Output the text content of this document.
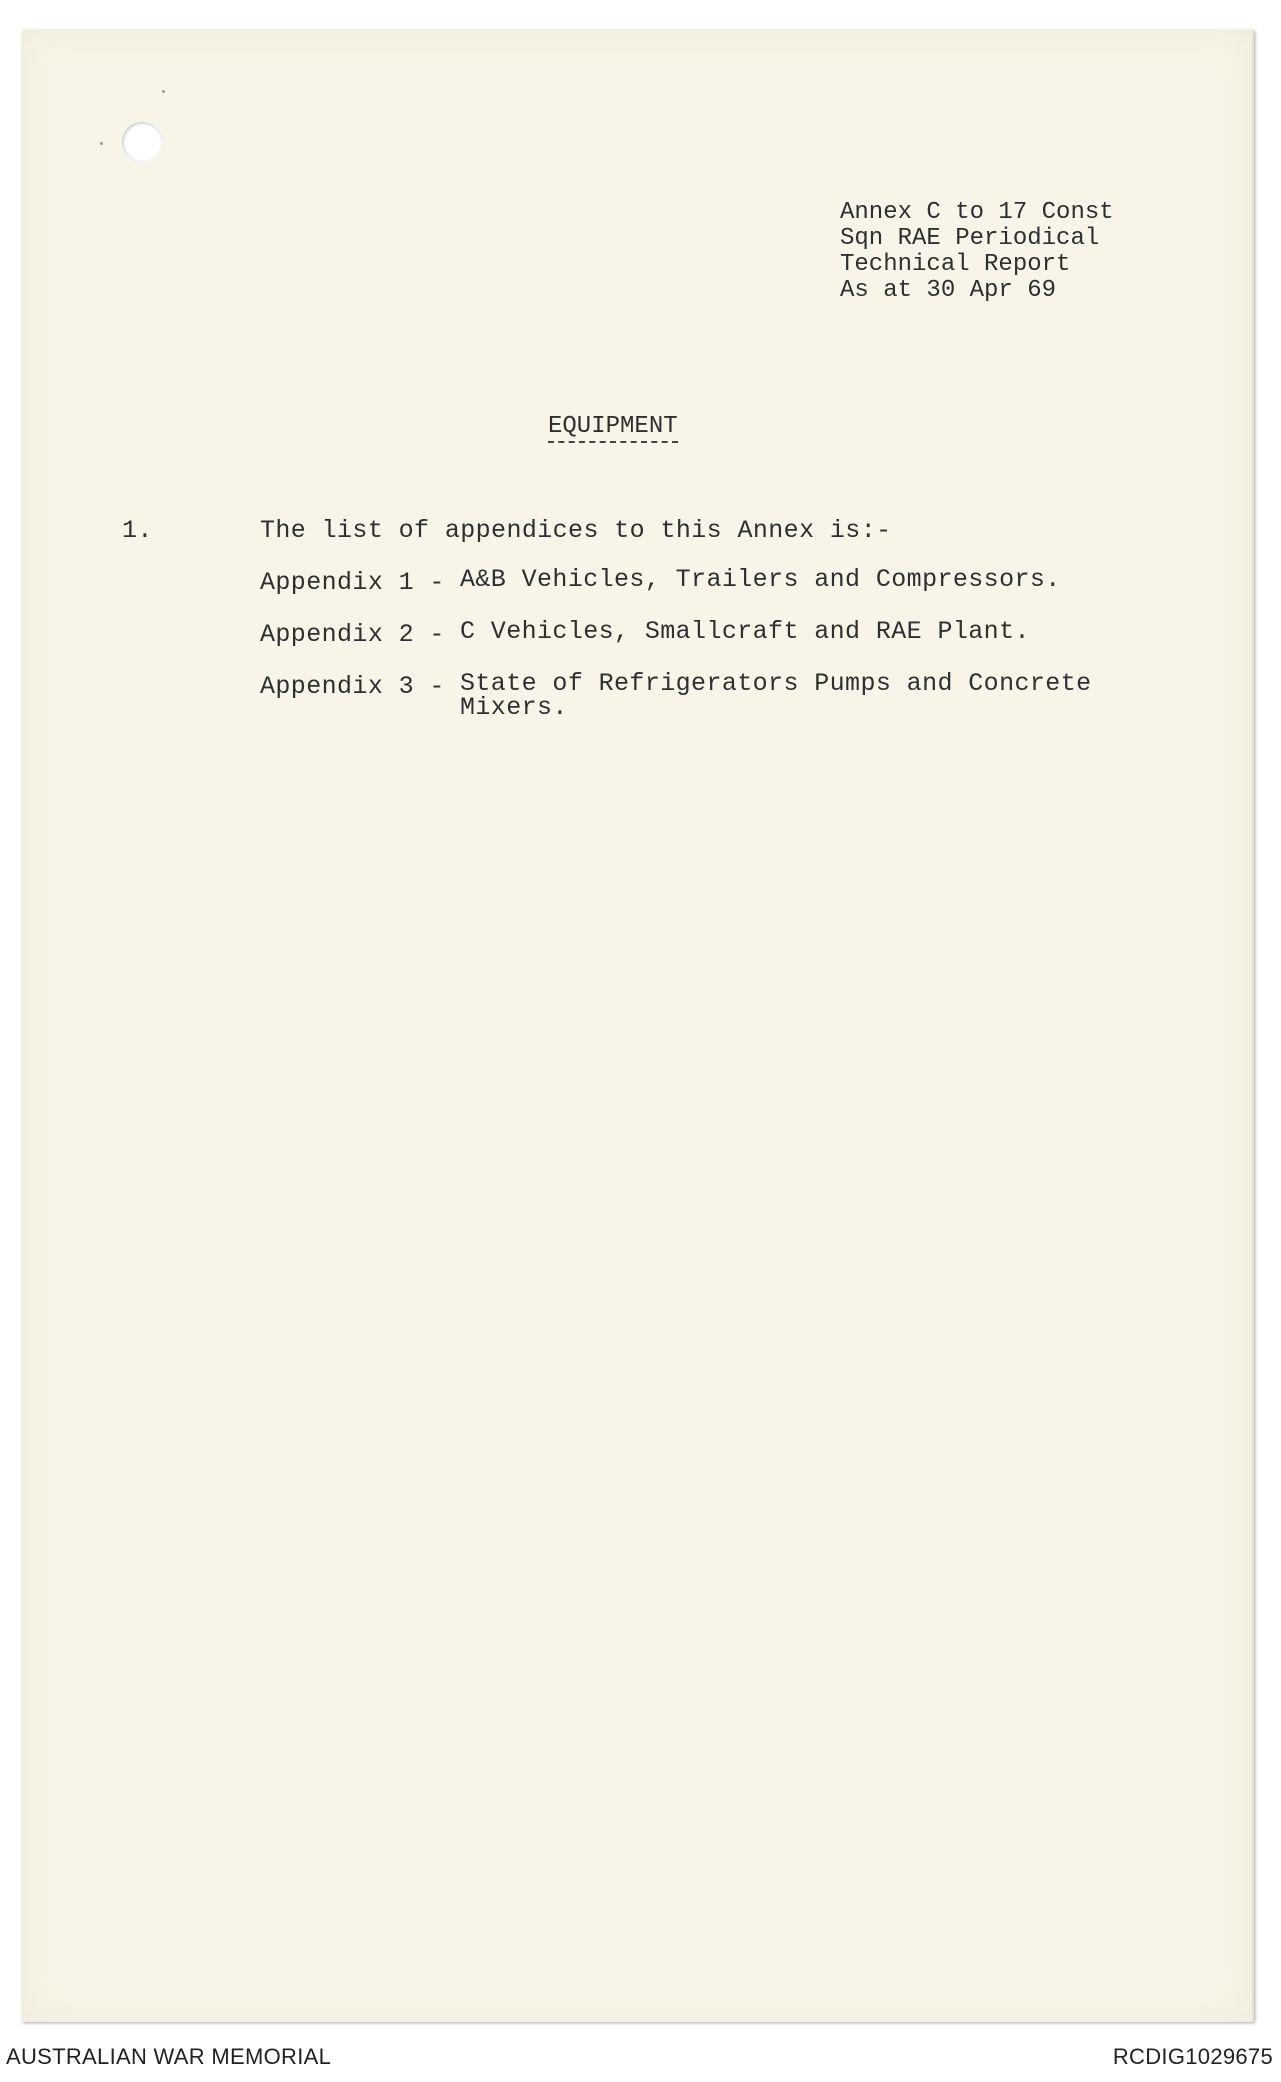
Annex C to 17 Const
Sqn RAE Periodical
Technical Report
As at 30 Apr 69
EQUIPMENT
1.	The list of appendices to this Annex is:-
Appendix 1 - A&B Vehicles, Trailers and Compressors.
Appendix 2 - C Vehicles, Smallcraft and RAE Plant.
Appendix 3 - State of Refrigerators Pumps and Concrete
Mixers.
AUSTRALIAN WAR MEMORIAL	RCDIG1029675
